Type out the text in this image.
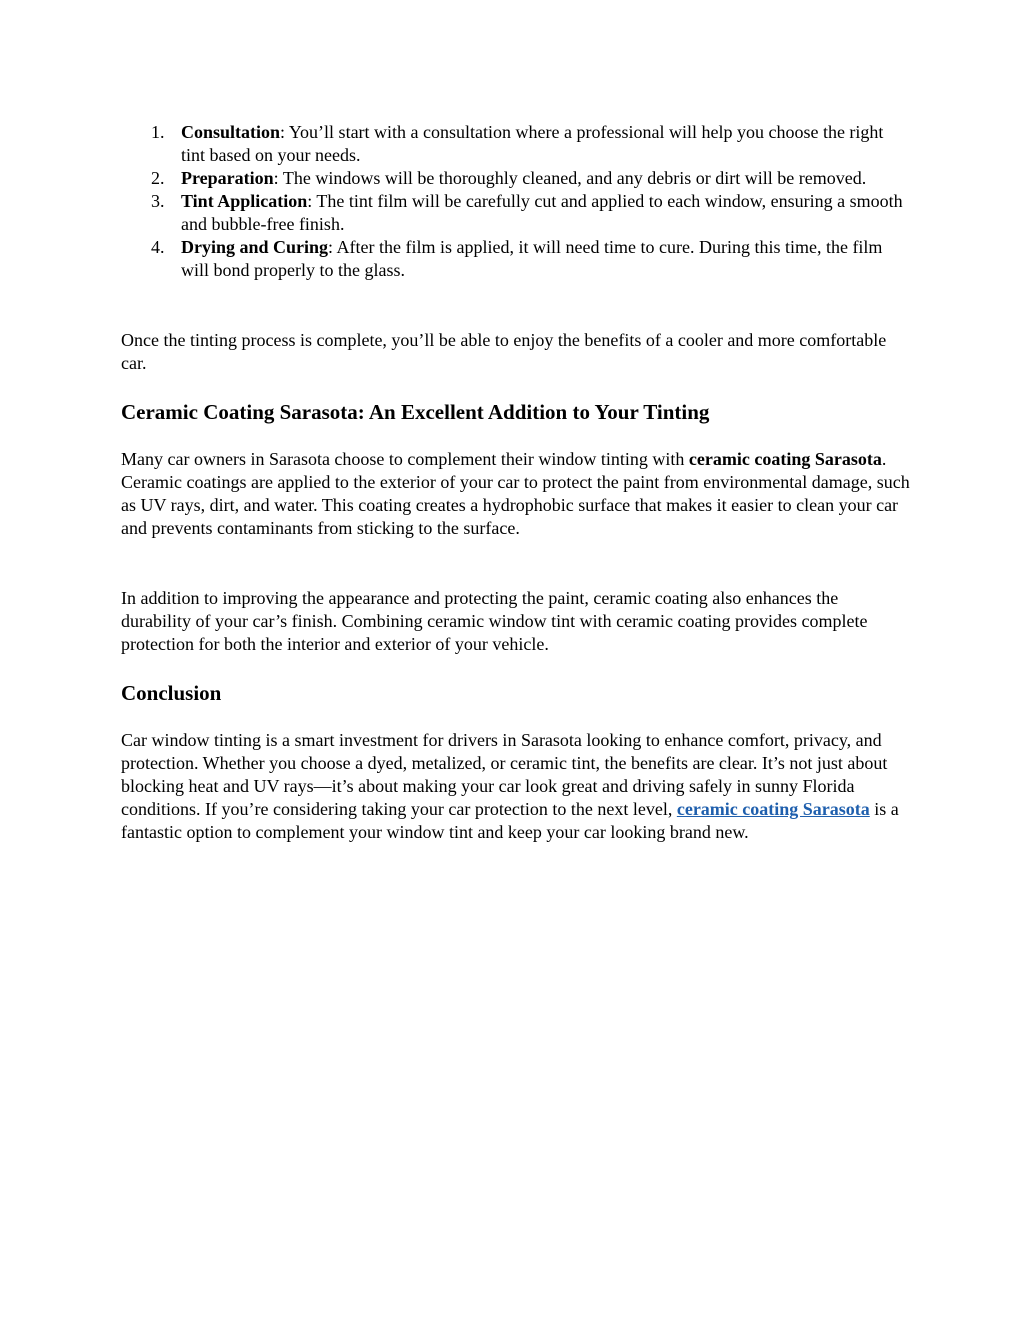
1. Consultation: You’ll start with a consultation where a professional will help you choose the right tint based on your needs.
2. Preparation: The windows will be thoroughly cleaned, and any debris or dirt will be removed.
3. Tint Application: The tint film will be carefully cut and applied to each window, ensuring a smooth and bubble-free finish.
4. Drying and Curing: After the film is applied, it will need time to cure. During this time, the film will bond properly to the glass.

Once the tinting process is complete, you’ll be able to enjoy the benefits of a cooler and more comfortable car.

Ceramic Coating Sarasota: An Excellent Addition to Your Tinting

Many car owners in Sarasota choose to complement their window tinting with ceramic coating Sarasota. Ceramic coatings are applied to the exterior of your car to protect the paint from environmental damage, such as UV rays, dirt, and water. This coating creates a hydrophobic surface that makes it easier to clean your car and prevents contaminants from sticking to the surface.

In addition to improving the appearance and protecting the paint, ceramic coating also enhances the durability of your car’s finish. Combining ceramic window tint with ceramic coating provides complete protection for both the interior and exterior of your vehicle.

Conclusion

Car window tinting is a smart investment for drivers in Sarasota looking to enhance comfort, privacy, and protection. Whether you choose a dyed, metalized, or ceramic tint, the benefits are clear. It’s not just about blocking heat and UV rays—it’s about making your car look great and driving safely in sunny Florida conditions. If you’re considering taking your car protection to the next level, ceramic coating Sarasota is a fantastic option to complement your window tint and keep your car looking brand new.
